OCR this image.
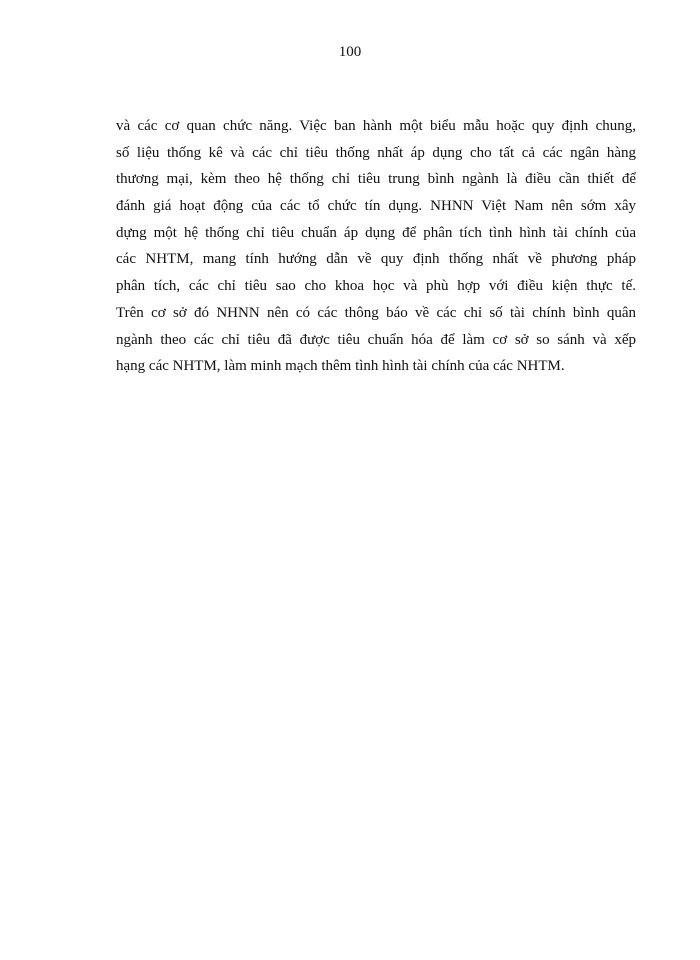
100
và các cơ quan chức năng. Việc ban hành một biểu mẫu hoặc quy định chung,
số liệu thống kê và các chỉ tiêu thống nhất áp dụng cho tất cả các ngân hàng
thương mại, kèm theo hệ thống chỉ tiêu trung bình ngành là điều cần thiết để
đánh giá hoạt động của các tổ chức tín dụng. NHNN Việt Nam nên sớm xây
dựng một hệ thống chỉ tiêu chuẩn áp dụng để phân tích tình hình tài chính của
các NHTM, mang tính hướng dẫn về quy định thống nhất về phương pháp
phân tích, các chỉ tiêu sao cho khoa học và phù hợp với điều kiện thực tế.
Trên cơ sở đó NHNN nên có các thông báo về các chỉ số tài chính bình quân
ngành theo các chỉ tiêu đã được tiêu chuẩn hóa để làm cơ sở so sánh và xếp
hạng các NHTM, làm minh mạch thêm tình hình tài chính của các NHTM.
